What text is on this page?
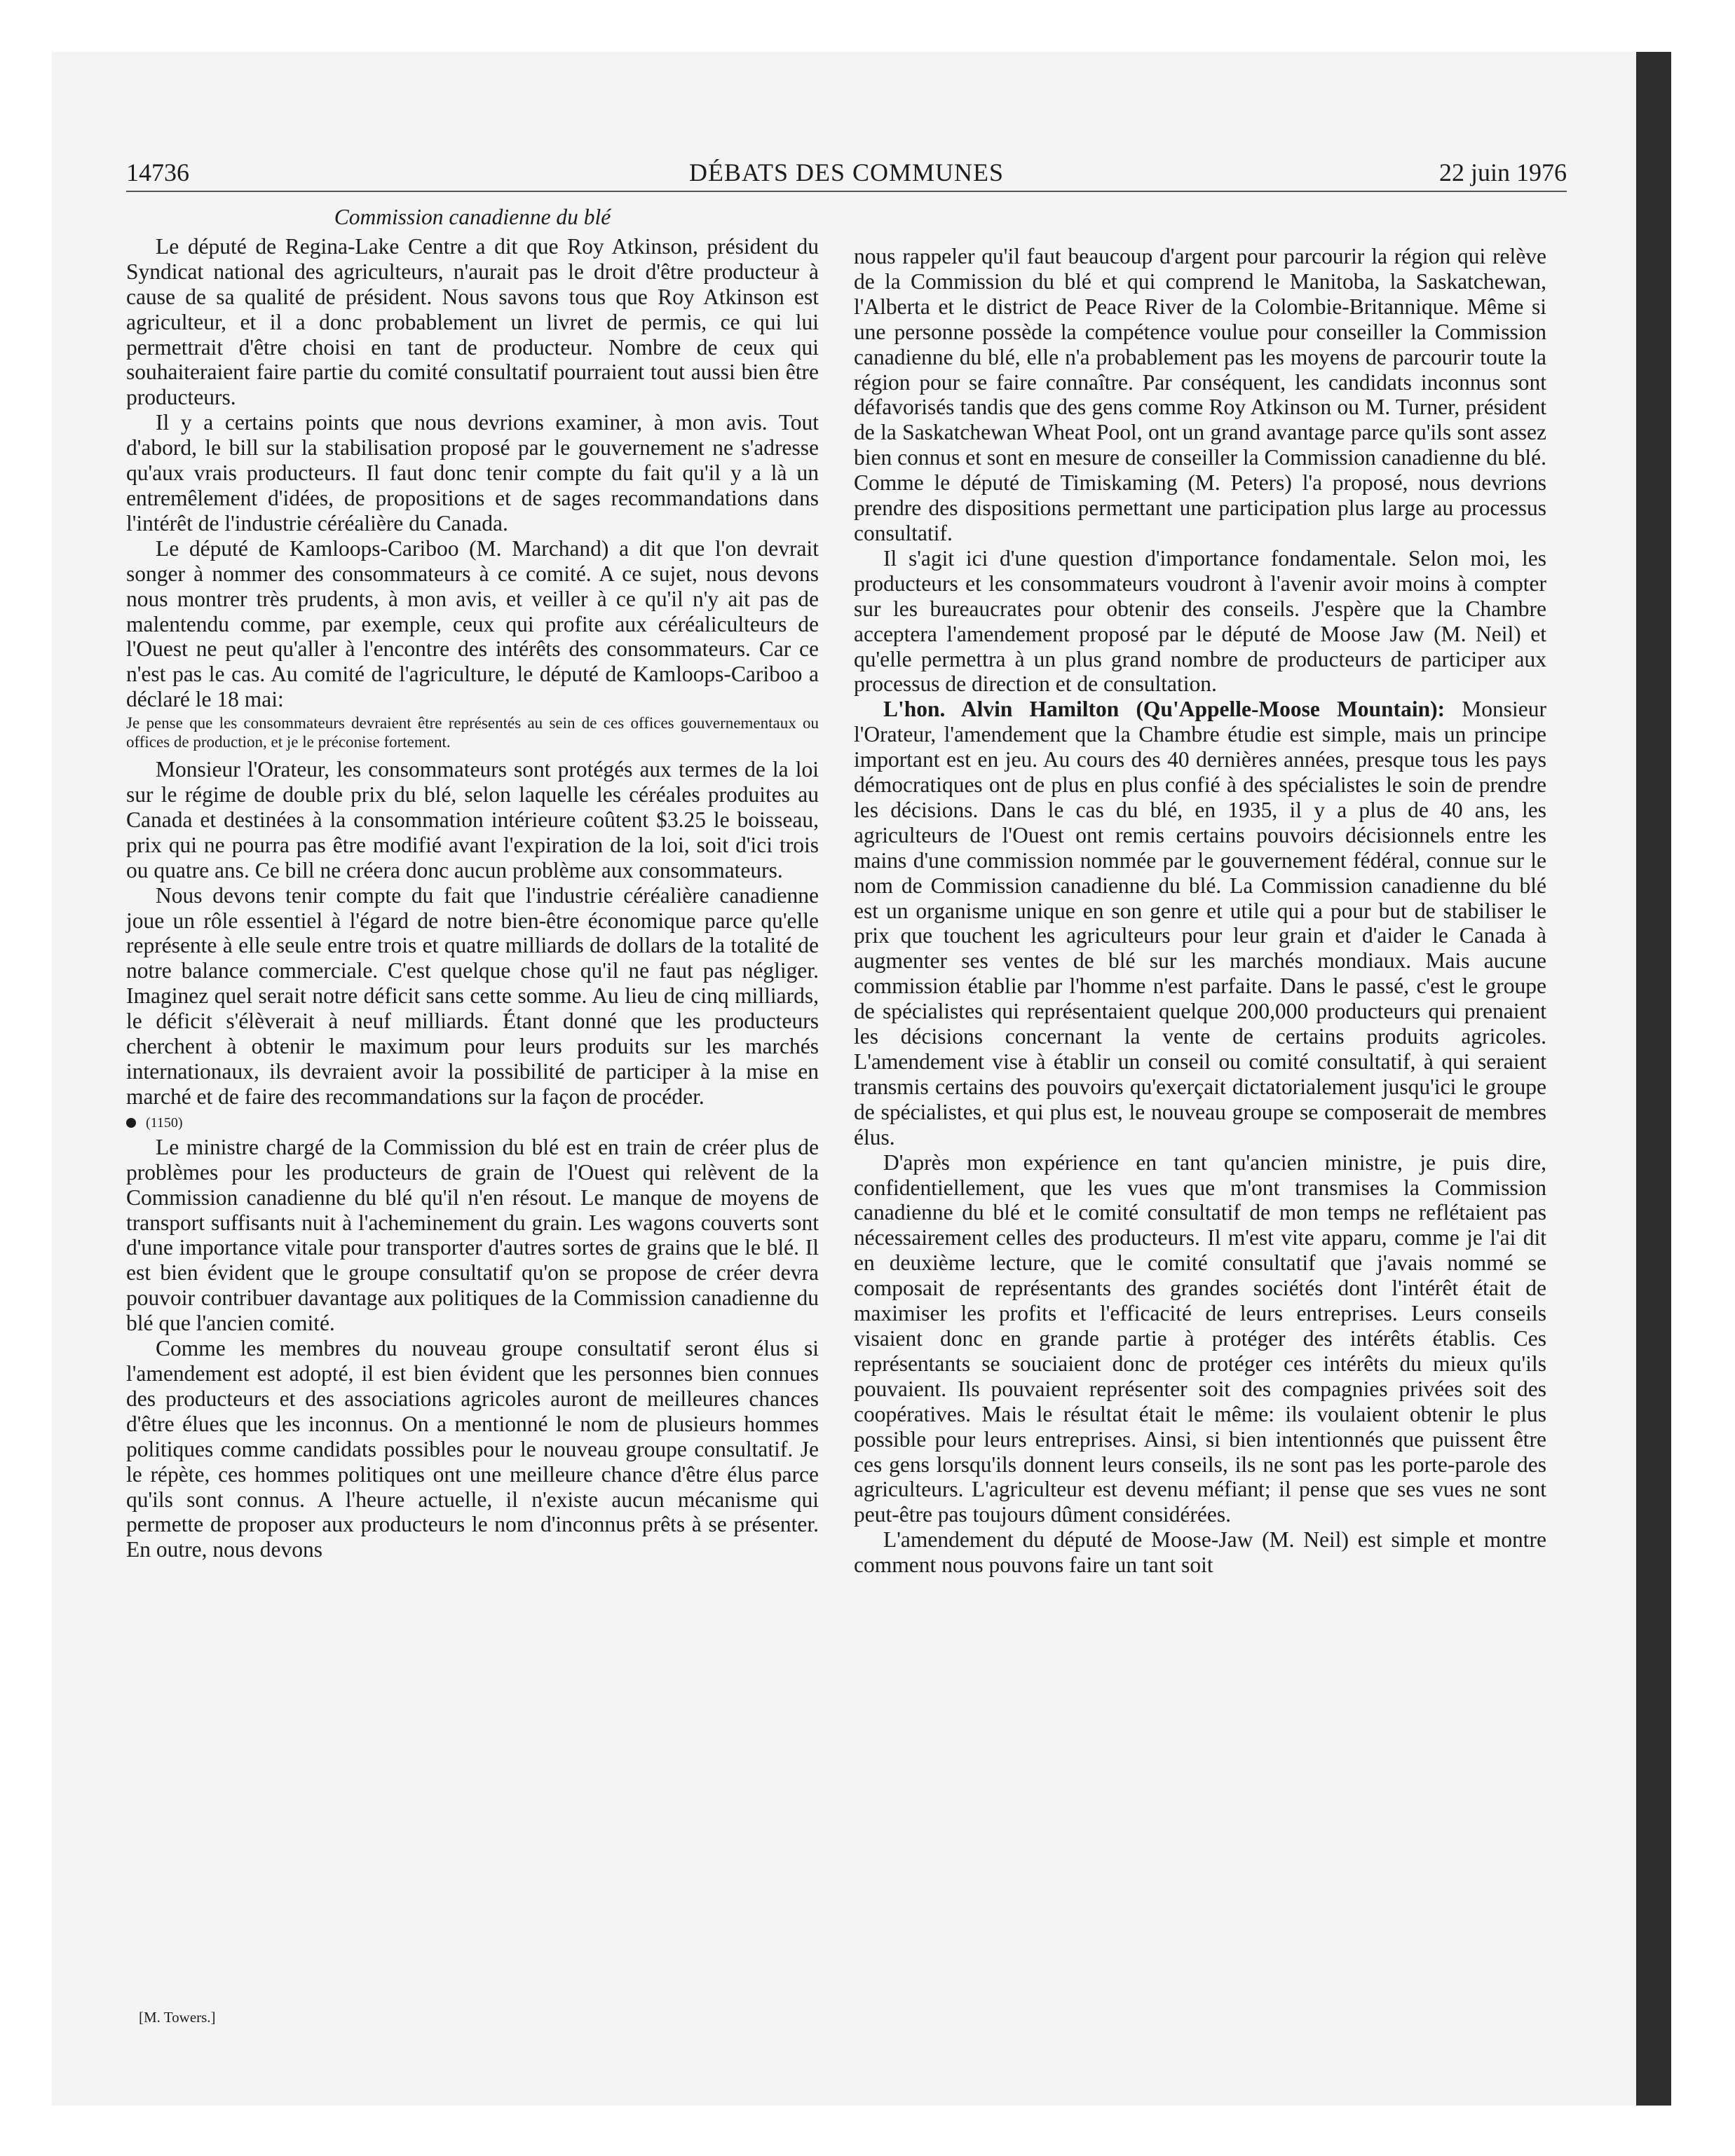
14736	DÉBATS DES COMMUNES	22 juin 1976

Commission canadienne du blé

Le député de Regina-Lake Centre a dit que Roy Atkinson, président du Syndicat national des agriculteurs, n'aurait pas le droit d'être producteur à cause de sa qualité de président. Nous savons tous que Roy Atkinson est agriculteur, et il a donc probablement un livret de permis, ce qui lui permettrait d'être choisi en tant de producteur. Nombre de ceux qui souhaiteraient faire partie du comité consultatif pourraient tout aussi bien être producteurs.

Il y a certains points que nous devrions examiner, à mon avis. Tout d'abord, le bill sur la stabilisation proposé par le gouvernement ne s'adresse qu'aux vrais producteurs. Il faut donc tenir compte du fait qu'il y a là un entremêlement d'idées, de propositions et de sages recommandations dans l'intérêt de l'industrie céréalière du Canada.

Le député de Kamloops-Cariboo (M. Marchand) a dit que l'on devrait songer à nommer des consommateurs à ce comité. A ce sujet, nous devons nous montrer très prudents, à mon avis, et veiller à ce qu'il n'y ait pas de malentendu comme, par exemple, ceux qui profite aux céréaliculteurs de l'Ouest ne peut qu'aller à l'encontre des intérêts des consommateurs. Car ce n'est pas le cas. Au comité de l'agriculture, le député de Kamloops-Cariboo a déclaré le 18 mai:

Je pense que les consommateurs devraient être représentés au sein de ces offices gouvernementaux ou offices de production, et je le préconise fortement.

Monsieur l'Orateur, les consommateurs sont protégés aux termes de la loi sur le régime de double prix du blé, selon laquelle les céréales produites au Canada et destinées à la consommation intérieure coûtent $3.25 le boisseau, prix qui ne pourra pas être modifié avant l'expiration de la loi, soit d'ici trois ou quatre ans. Ce bill ne créera donc aucun problème aux consommateurs.

Nous devons tenir compte du fait que l'industrie céréalière canadienne joue un rôle essentiel à l'égard de notre bien-être économique parce qu'elle représente à elle seule entre trois et quatre milliards de dollars de la totalité de notre balance commerciale. C'est quelque chose qu'il ne faut pas négliger. Imaginez quel serait notre déficit sans cette somme. Au lieu de cinq milliards, le déficit s'élèverait à neuf milliards. Étant donné que les producteurs cherchent à obtenir le maximum pour leurs produits sur les marchés internationaux, ils devraient avoir la possibilité de participer à la mise en marché et de faire des recommandations sur la façon de procéder.

(1150)

Le ministre chargé de la Commission du blé est en train de créer plus de problèmes pour les producteurs de grain de l'Ouest qui relèvent de la Commission canadienne du blé qu'il n'en résout. Le manque de moyens de transport suffisants nuit à l'acheminement du grain. Les wagons couverts sont d'une importance vitale pour transporter d'autres sortes de grains que le blé. Il est bien évident que le groupe consultatif qu'on se propose de créer devra pouvoir contribuer davantage aux politiques de la Commission canadienne du blé que l'ancien comité.

Comme les membres du nouveau groupe consultatif seront élus si l'amendement est adopté, il est bien évident que les personnes bien connues des producteurs et des associations agricoles auront de meilleures chances d'être élues que les inconnus. On a mentionné le nom de plusieurs hommes politiques comme candidats possibles pour le nouveau groupe consultatif. Je le répète, ces hommes politiques ont une meilleure chance d'être élus parce qu'ils sont connus. A l'heure actuelle, il n'existe aucun mécanisme qui permette de proposer aux producteurs le nom d'inconnus prêts à se présenter. En outre, nous devons

nous rappeler qu'il faut beaucoup d'argent pour parcourir la région qui relève de la Commission du blé et qui comprend le Manitoba, la Saskatchewan, l'Alberta et le district de Peace River de la Colombie-Britannique. Même si une personne possède la compétence voulue pour conseiller la Commission canadienne du blé, elle n'a probablement pas les moyens de parcourir toute la région pour se faire connaître. Par conséquent, les candidats inconnus sont défavorisés tandis que des gens comme Roy Atkinson ou M. Turner, président de la Saskatchewan Wheat Pool, ont un grand avantage parce qu'ils sont assez bien connus et sont en mesure de conseiller la Commission canadienne du blé. Comme le député de Timiskaming (M. Peters) l'a proposé, nous devrions prendre des dispositions permettant une participation plus large au processus consultatif.

Il s'agit ici d'une question d'importance fondamentale. Selon moi, les producteurs et les consommateurs voudront à l'avenir avoir moins à compter sur les bureaucrates pour obtenir des conseils. J'espère que la Chambre acceptera l'amendement proposé par le député de Moose Jaw (M. Neil) et qu'elle permettra à un plus grand nombre de producteurs de participer aux processus de direction et de consultation.

L'hon. Alvin Hamilton (Qu'Appelle-Moose Mountain): Monsieur l'Orateur, l'amendement que la Chambre étudie est simple, mais un principe important est en jeu. Au cours des 40 dernières années, presque tous les pays démocratiques ont de plus en plus confié à des spécialistes le soin de prendre les décisions. Dans le cas du blé, en 1935, il y a plus de 40 ans, les agriculteurs de l'Ouest ont remis certains pouvoirs décisionnels entre les mains d'une commission nommée par le gouvernement fédéral, connue sur le nom de Commission canadienne du blé. La Commission canadienne du blé est un organisme unique en son genre et utile qui a pour but de stabiliser le prix que touchent les agriculteurs pour leur grain et d'aider le Canada à augmenter ses ventes de blé sur les marchés mondiaux. Mais aucune commission établie par l'homme n'est parfaite. Dans le passé, c'est le groupe de spécialistes qui représentaient quelque 200,000 producteurs qui prenaient les décisions concernant la vente de certains produits agricoles. L'amendement vise à établir un conseil ou comité consultatif, à qui seraient transmis certains des pouvoirs qu'exerçait dictatorialement jusqu'ici le groupe de spécialistes, et qui plus est, le nouveau groupe se composerait de membres élus.

D'après mon expérience en tant qu'ancien ministre, je puis dire, confidentiellement, que les vues que m'ont transmises la Commission canadienne du blé et le comité consultatif de mon temps ne reflétaient pas nécessairement celles des producteurs. Il m'est vite apparu, comme je l'ai dit en deuxième lecture, que le comité consultatif que j'avais nommé se composait de représentants des grandes sociétés dont l'intérêt était de maximiser les profits et l'efficacité de leurs entreprises. Leurs conseils visaient donc en grande partie à protéger des intérêts établis. Ces représentants se souciaient donc de protéger ces intérêts du mieux qu'ils pouvaient. Ils pouvaient représenter soit des compagnies privées soit des coopératives. Mais le résultat était le même: ils voulaient obtenir le plus possible pour leurs entreprises. Ainsi, si bien intentionnés que puissent être ces gens lorsqu'ils donnent leurs conseils, ils ne sont pas les porte-parole des agriculteurs. L'agriculteur est devenu méfiant; il pense que ses vues ne sont peut-être pas toujours dûment considérées.

L'amendement du député de Moose-Jaw (M. Neil) est simple et montre comment nous pouvons faire un tant soit

[M. Towers.]
